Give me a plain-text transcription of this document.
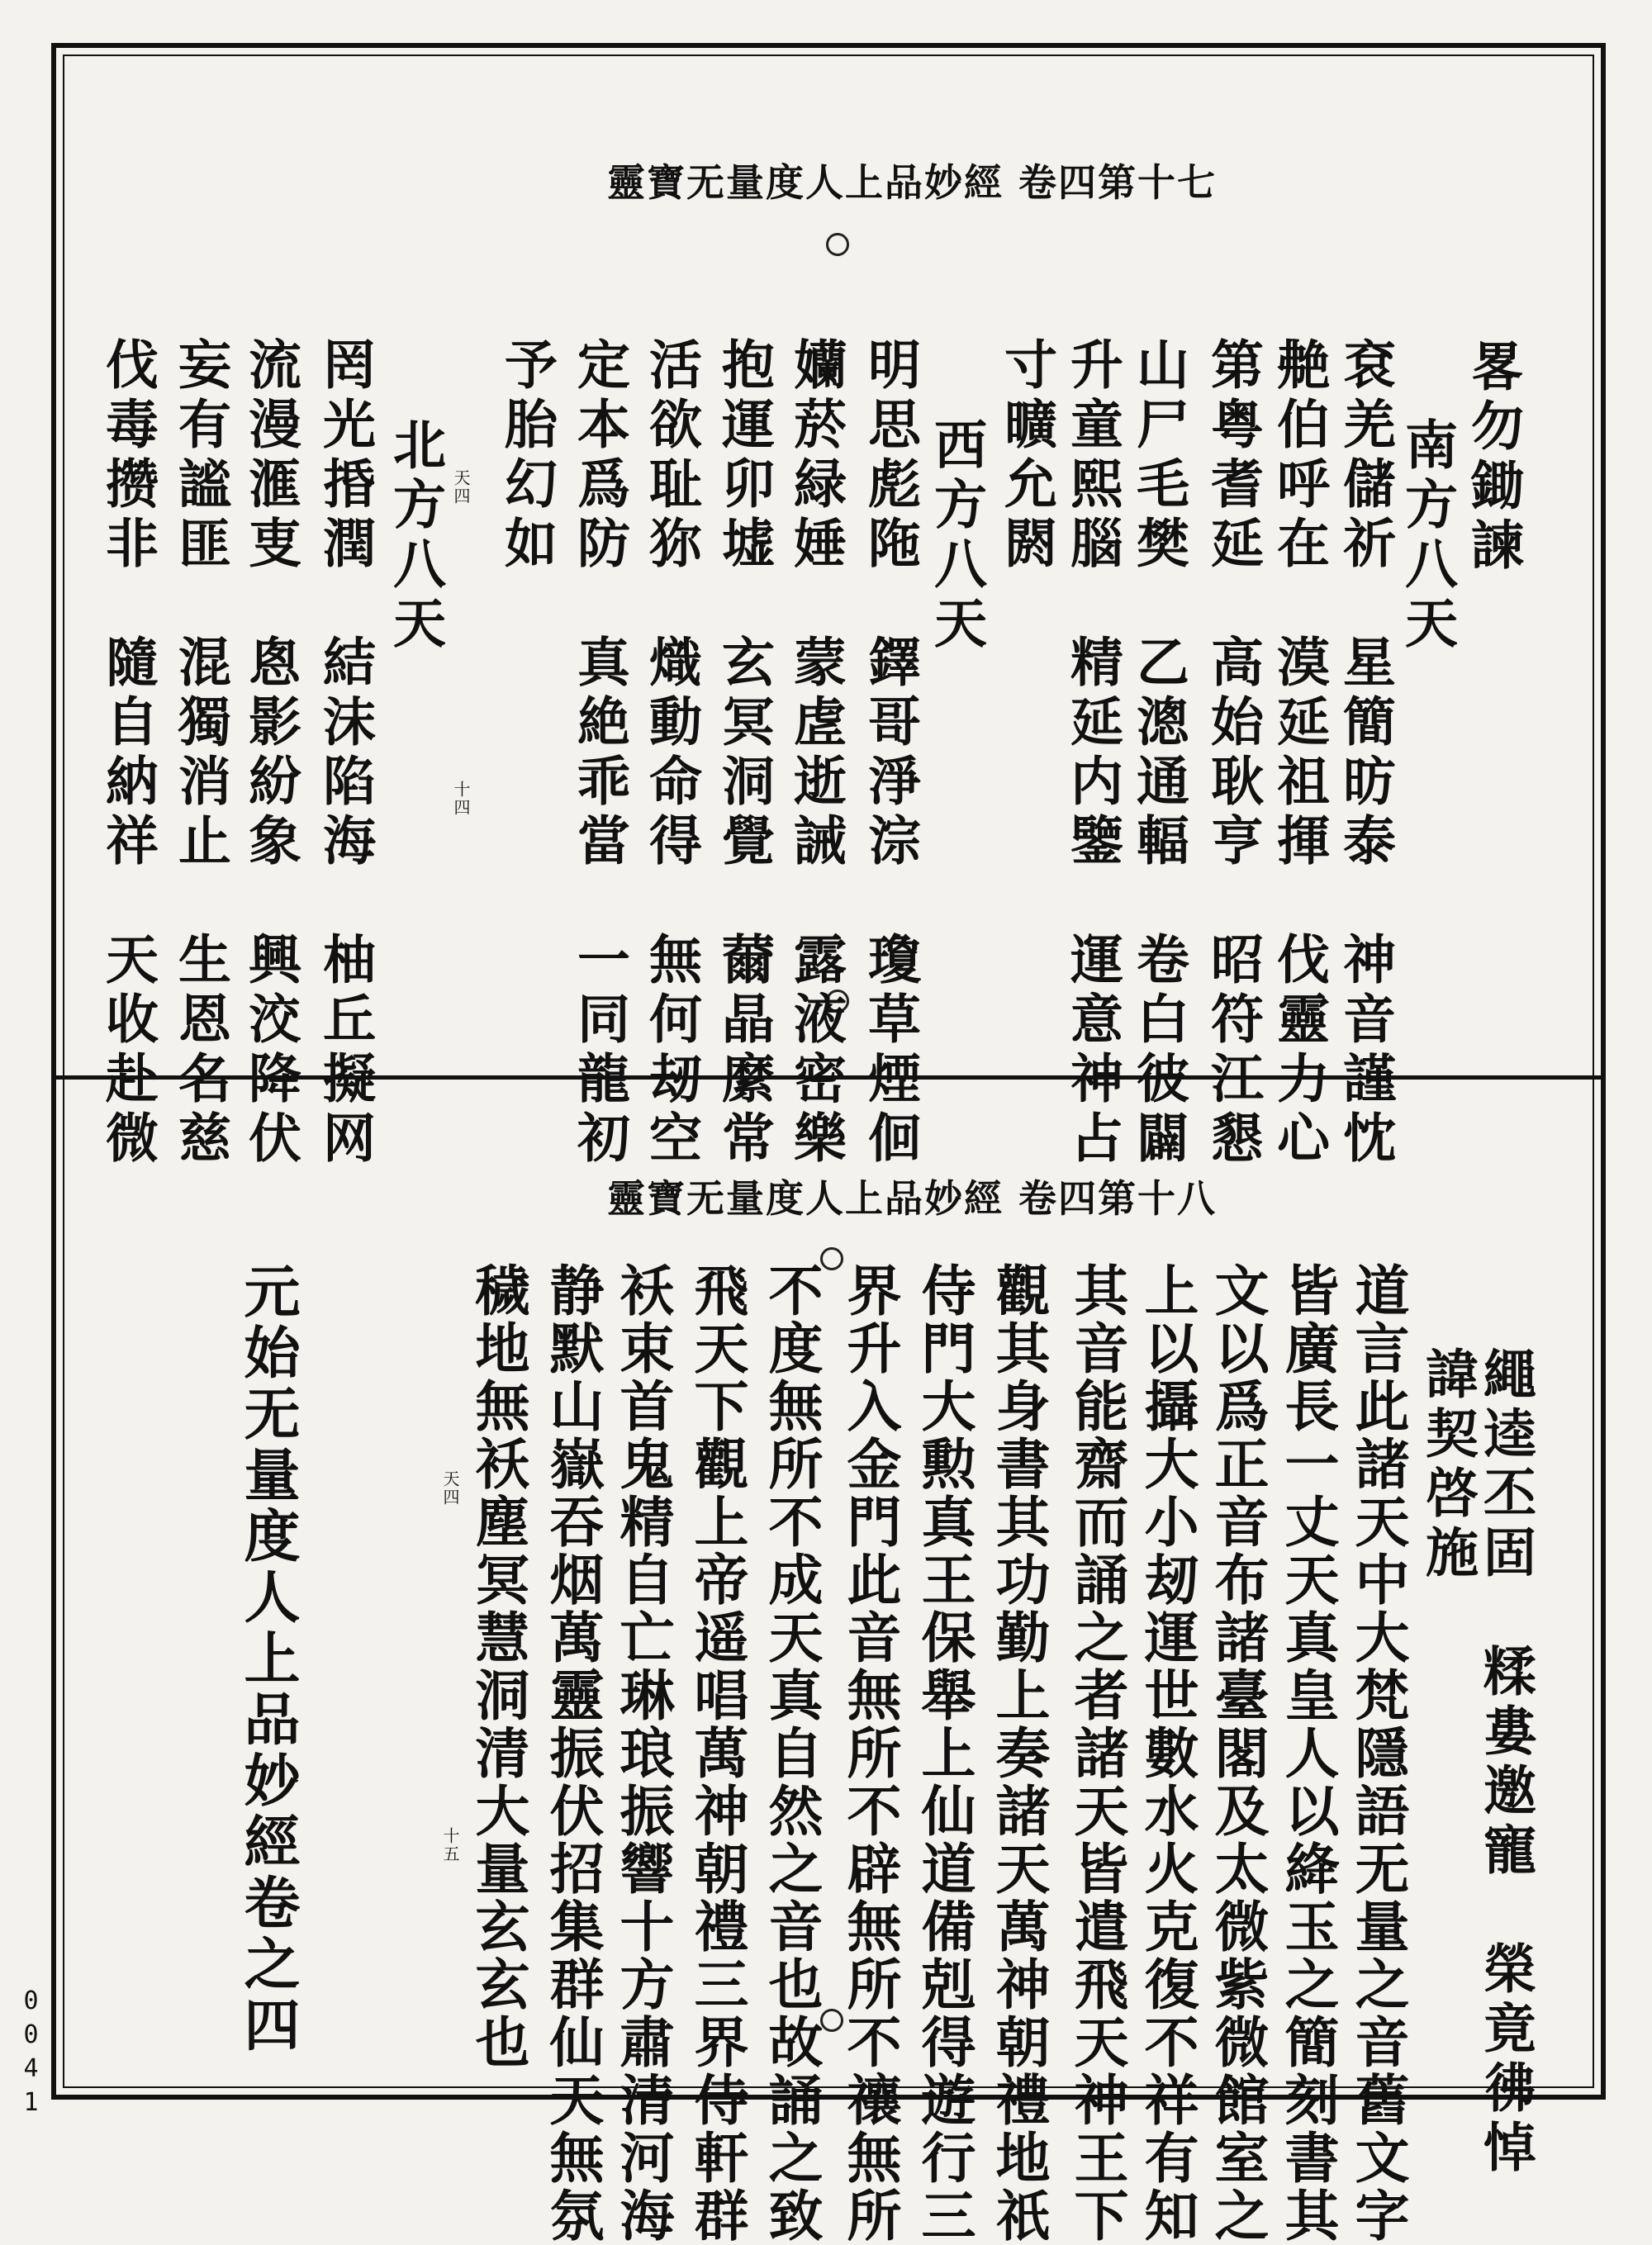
靈寶无量度人上品妙經 卷四第十七
畧勿鋤諫
南方八天
袞羌儲祈　星簡昉泰　神音謹忱
艴伯呼在　漠延祖揮　伐靈力心
第粤耆延　高始耿亨　昭符江懇
山尸毛樊　乙漗通輻　卷白彼闢
升童熙腦　精延内鑒　運意神占
寸曠允閼
西方八天
明思彪陁　鐸哥淨淙　瓊草煙佪
孏菸緑娷　蒙虗逝誡　露液密樂
抱運卯墟　玄冥洞覺　薾晶縻常
活欲耻狝　熾動命得　無何刼空
定本爲防　真絶乖當　一同龍初
予胎幻如
天四
北方八天
十四
罔光捪潤　結沫陷海　柚丘擬网
流漫滙叓　悤影紛象　興洨降伏
妄有謐匪　混獨消止　生恩名慈
伐毒攒非　隨自納祥　天收赴微
靈寶无量度人上品妙經 卷四第十八
繩逵丕固　糅婁邀寵　榮竟彿悼
諱契啓施
道言此諸天中大梵隱語无量之音舊文字
皆廣長一丈天真皇人以絳玉之簡刻書其
文以爲正音布諸臺閣及太微紫微館室之
上以攝大小刼運世數水火克復不祥有知
其音能齋而誦之者諸天皆遣飛天神王下
觀其身書其功勤上奏諸天萬神朝禮地祇
侍門大勲真王保舉上仙道備剋得遊行三
界升入金門此音無所不辟無所不禳無所
不度無所不成天真自然之音也故誦之致
飛天下觀上帝遥唱萬神朝禮三界侍軒群
袄束首鬼精自亡琳琅振響十方肅清河海
静默山嶽吞烟萬靈振伏招集群仙天無氛
穢地無袄塵冥慧洞清大量玄玄也
天四
十五
元始无量度人上品妙經卷之四
0041
